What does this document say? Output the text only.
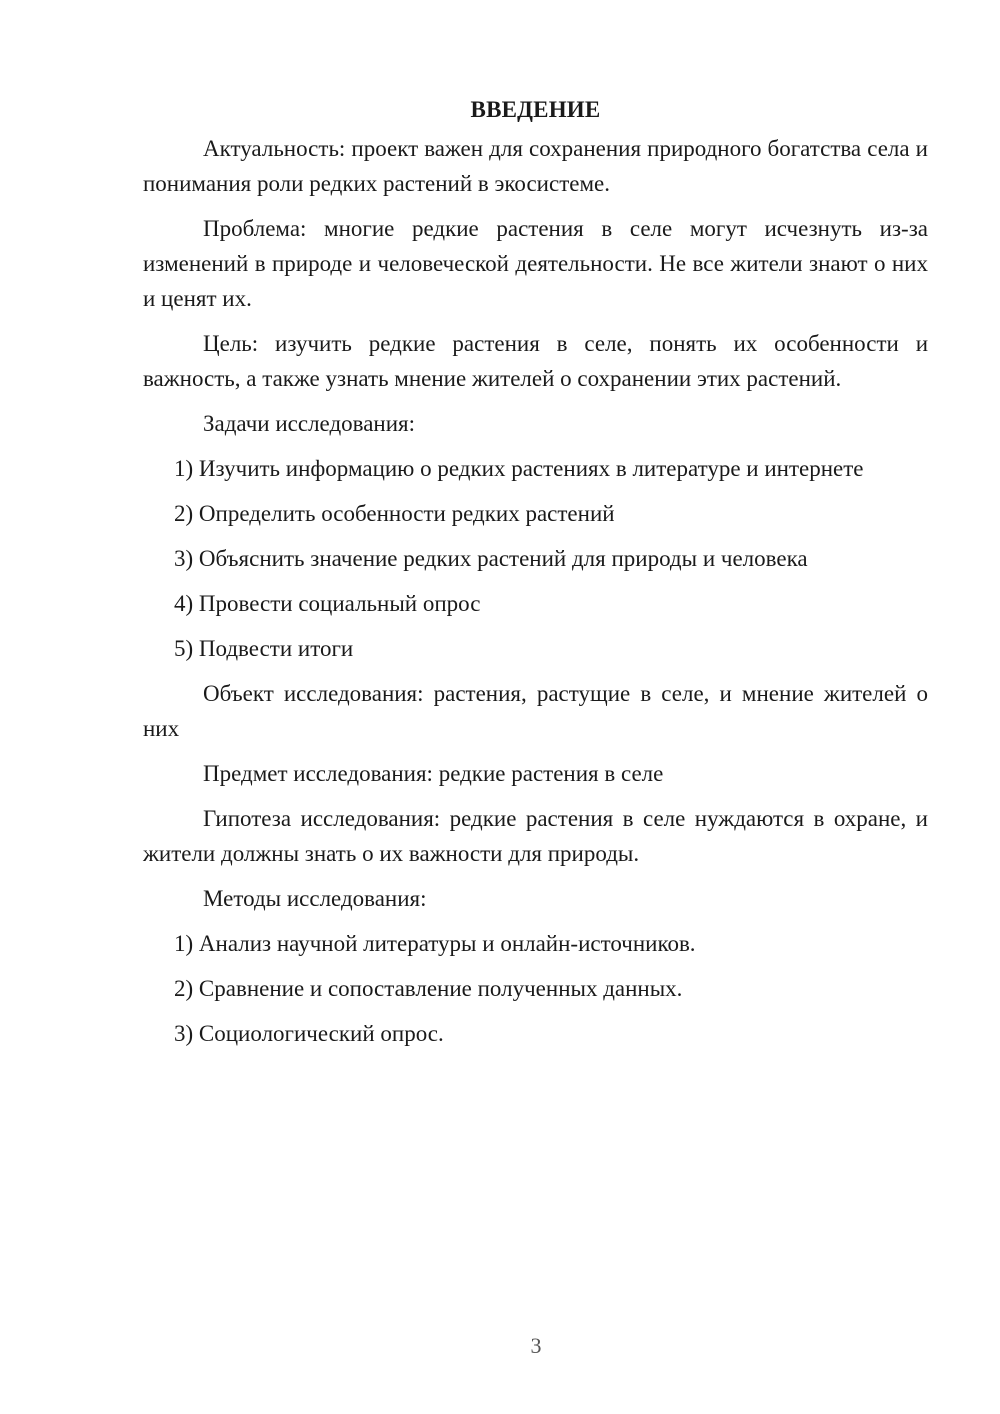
ВВЕДЕНИЕ

Актуальность: проект важен для сохранения природного богатства села и понимания роли редких растений в экосистеме.

Проблема: многие редкие растения в селе могут исчезнуть из-за изменений в природе и человеческой деятельности. Не все жители знают о них и ценят их.

Цель: изучить редкие растения в селе, понять их особенности и важность, а также узнать мнение жителей о сохранении этих растений.

Задачи исследования:

1) Изучить информацию о редких растениях в литературе и интернете
2) Определить особенности редких растений
3) Объяснить значение редких растений для природы и человека
4) Провести социальный опрос
5) Подвести итоги

Объект исследования: растения, растущие в селе, и мнение жителей о них

Предмет исследования: редкие растения в селе

Гипотеза исследования: редкие растения в селе нуждаются в охране, и жители должны знать о их важности для природы.

Методы исследования:

1) Анализ научной литературы и онлайн-источников.
2) Сравнение и сопоставление полученных данных.
3) Социологический опрос.
3
